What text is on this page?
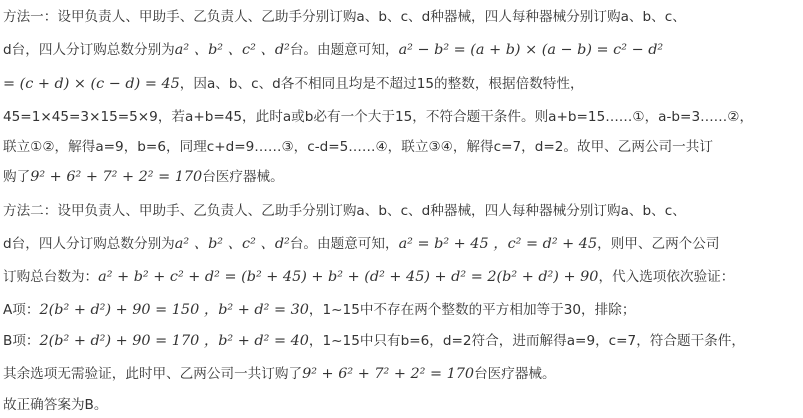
方法一：设甲负责人、甲助手、乙负责人、乙助手分别订购a、b、c、d种器械，四人每种器械分别订购a、b、c、
d台，四人分订购总数分别为a² 、b² 、c² 、d²台。由题意可知，a² − b² = (a + b) × (a − b) = c² − d²
= (c + d) × (c − d) = 45，因a、b、c、d各不相同且均是不超过15的整数，根据倍数特性，
45=1×45=3×15=5×9，若a+b=45，此时a或b必有一个大于15，不符合题干条件。则a+b=15……①，a-b=3……②，
联立①②，解得a=9，b=6，同理c+d=9……③，c-d=5……④，联立③④，解得c=7，d=2。故甲、乙两公司一共订
购了9² + 6² + 7² + 2² = 170台医疗器械。
方法二：设甲负责人、甲助手、乙负责人、乙助手分别订购a、b、c、d种器械，四人每种器械分别订购a、b、c、
d台，四人分订购总数分别为a² 、b² 、c² 、d²台。由题意可知，a² = b² + 45 ，c² = d² + 45，则甲、乙两个公司
订购总台数为：a² + b² + c² + d² = (b² + 45) + b² + (d² + 45) + d² = 2(b² + d²) + 90，代入选项依次验证：
A项：2(b² + d²) + 90 = 150 ，b² + d² = 30，1~15中不存在两个整数的平方相加等于30，排除；
B项：2(b² + d²) + 90 = 170 ，b² + d² = 40，1~15中只有b=6，d=2符合，进而解得a=9，c=7，符合题干条件，
其余选项无需验证，此时甲、乙两公司一共订购了9² + 6² + 7² + 2² = 170台医疗器械。
故正确答案为B。
